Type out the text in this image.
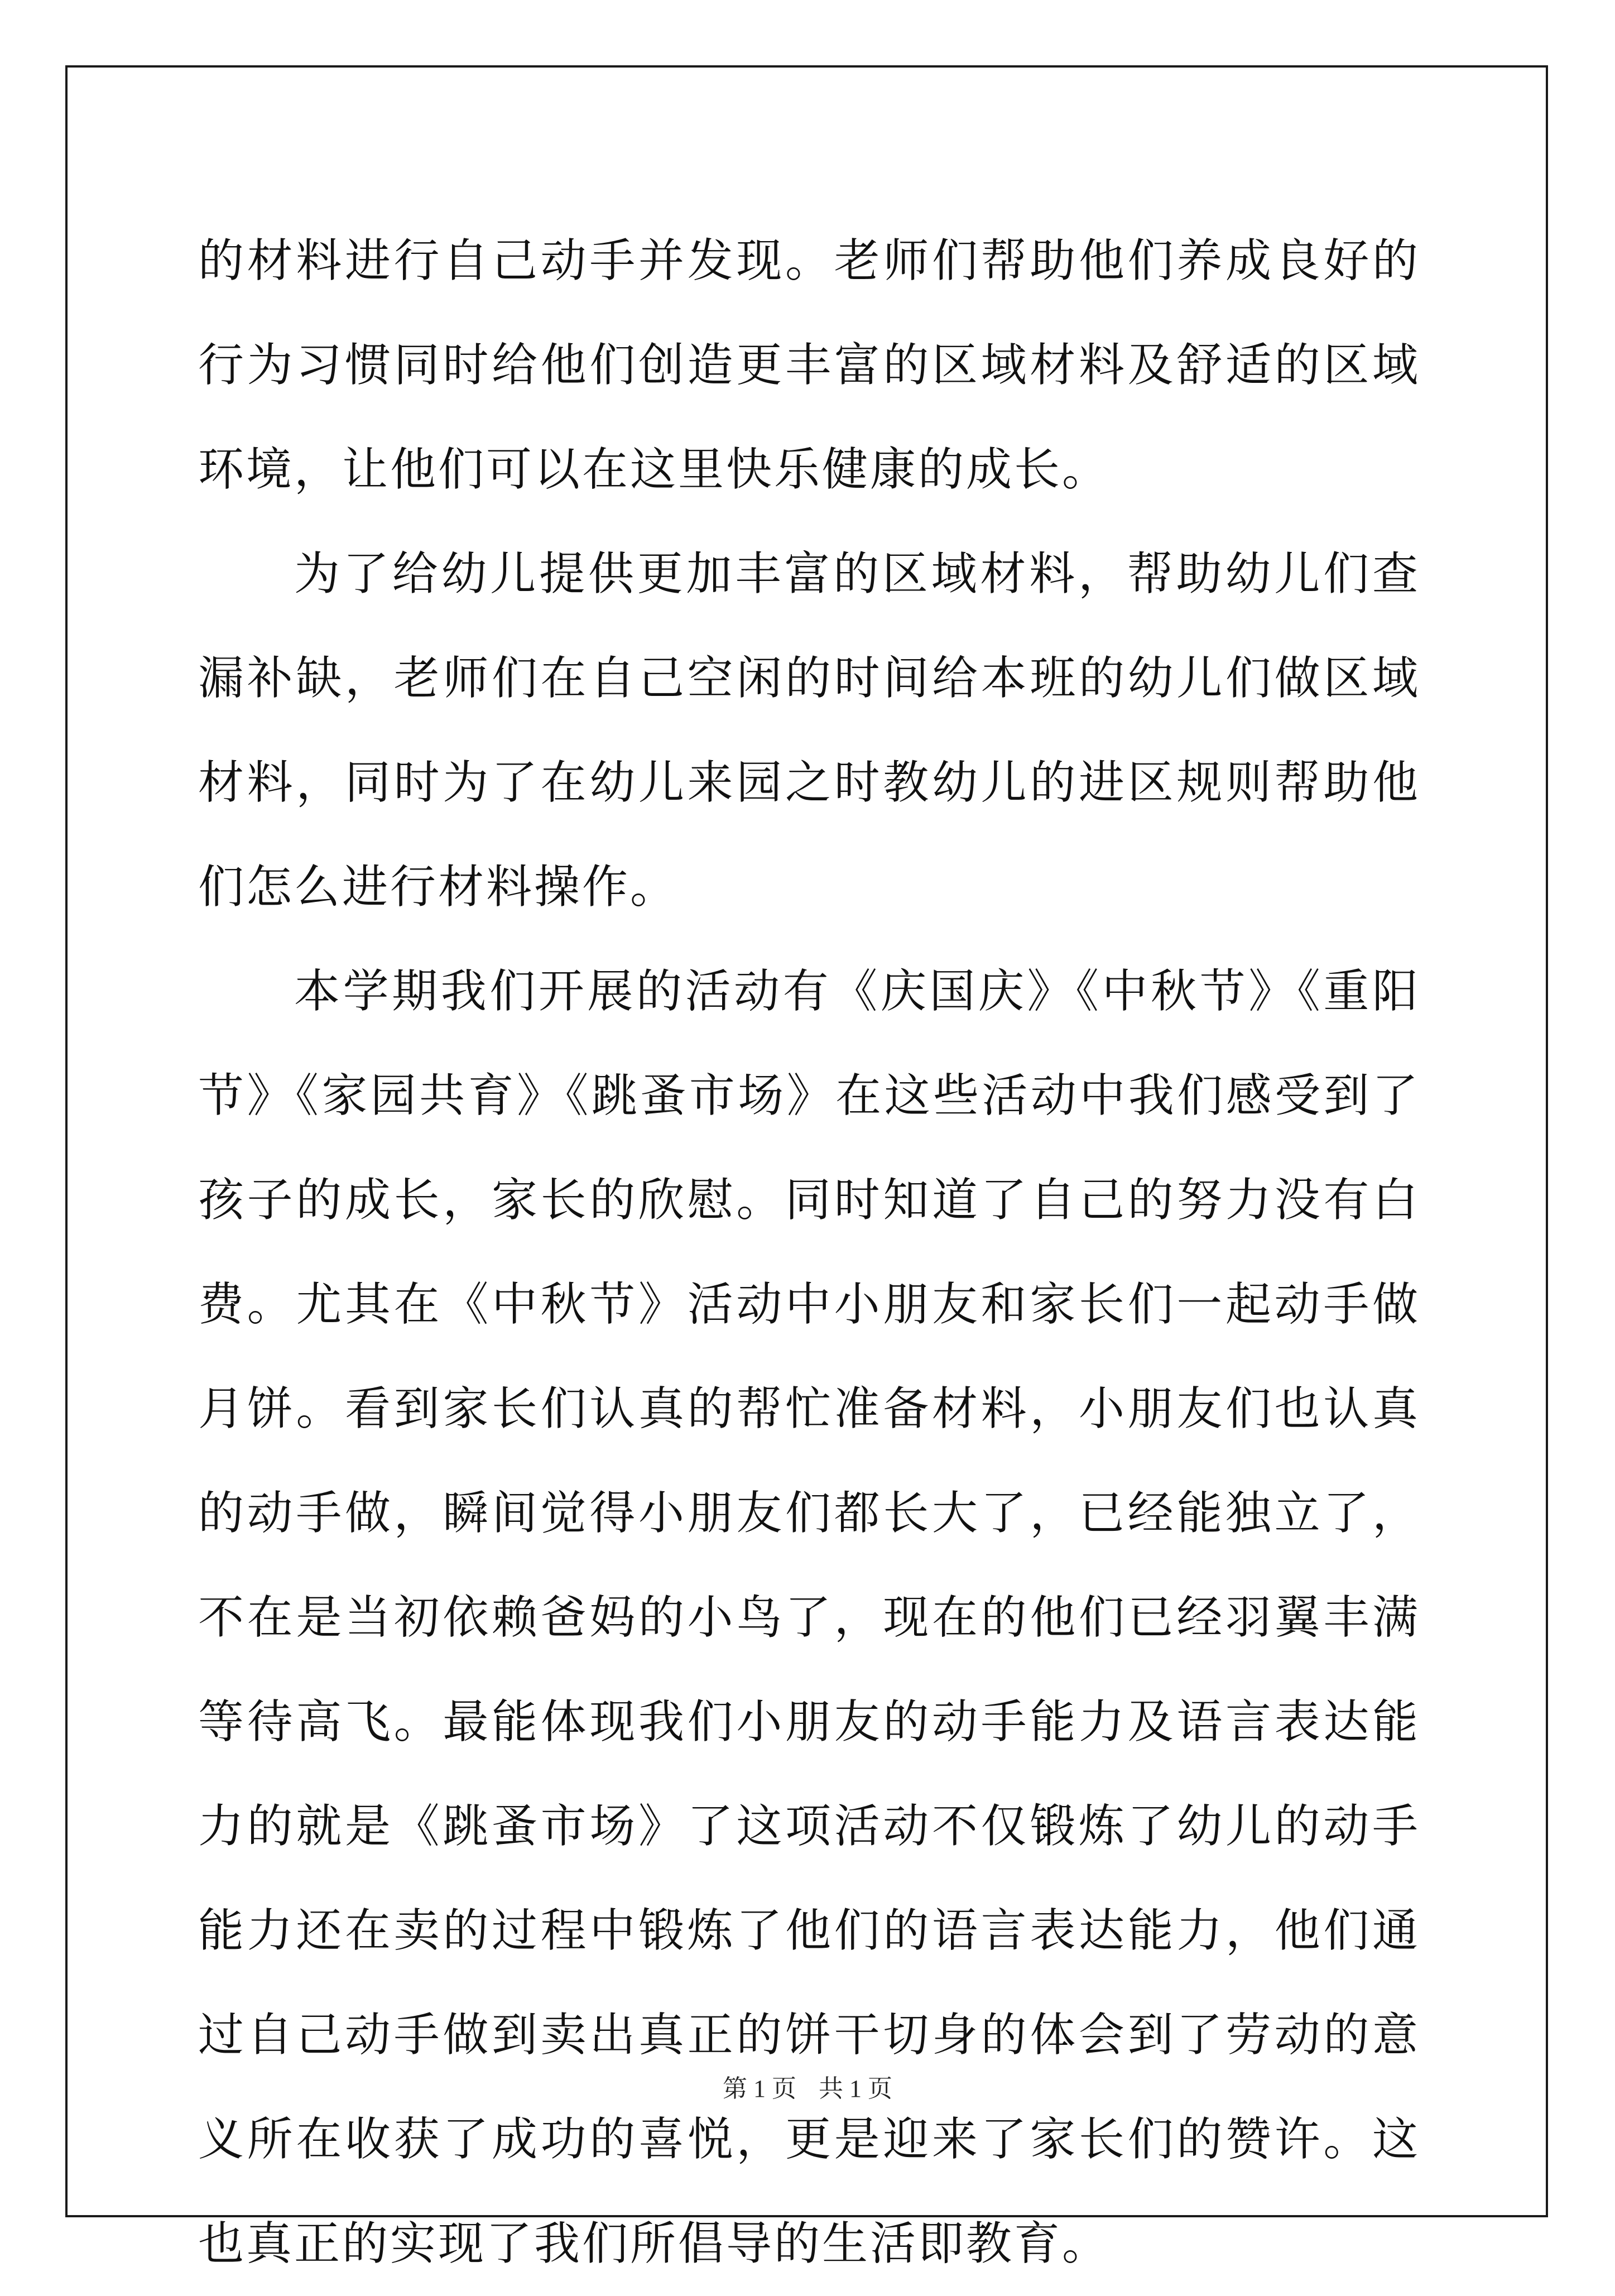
的材料进行自己动手并发现。老师们帮助他们养成良好的行为习惯同时给他们创造更丰富的区域材料及舒适的区域环境，让他们可以在这里快乐健康的成长。

为了给幼儿提供更加丰富的区域材料，帮助幼儿们查漏补缺，老师们在自己空闲的时间给本班的幼儿们做区域材料，同时为了在幼儿来园之时教幼儿的进区规则帮助他们怎么进行材料操作。

本学期我们开展的活动有《庆国庆》《中秋节》《重阳节》《家园共育》《跳蚤市场》在这些活动中我们感受到了孩子的成长，家长的欣慰。同时知道了自己的努力没有白费。尤其在《中秋节》活动中小朋友和家长们一起动手做月饼。看到家长们认真的帮忙准备材料，小朋友们也认真的动手做，瞬间觉得小朋友们都长大了，已经能独立了，不在是当初依赖爸妈的小鸟了，现在的他们已经羽翼丰满等待高飞。最能体现我们小朋友的动手能力及语言表达能力的就是《跳蚤市场》了这项活动不仅锻炼了幼儿的动手能力还在卖的过程中锻炼了他们的语言表达能力，他们通过自己动手做到卖出真正的饼干切身的体会到了劳动的意义所在收获了成功的喜悦，更是迎来了家长们的赞许。这也真正的实现了我们所倡导的生活即教育。

第 1 页 共 1 页
